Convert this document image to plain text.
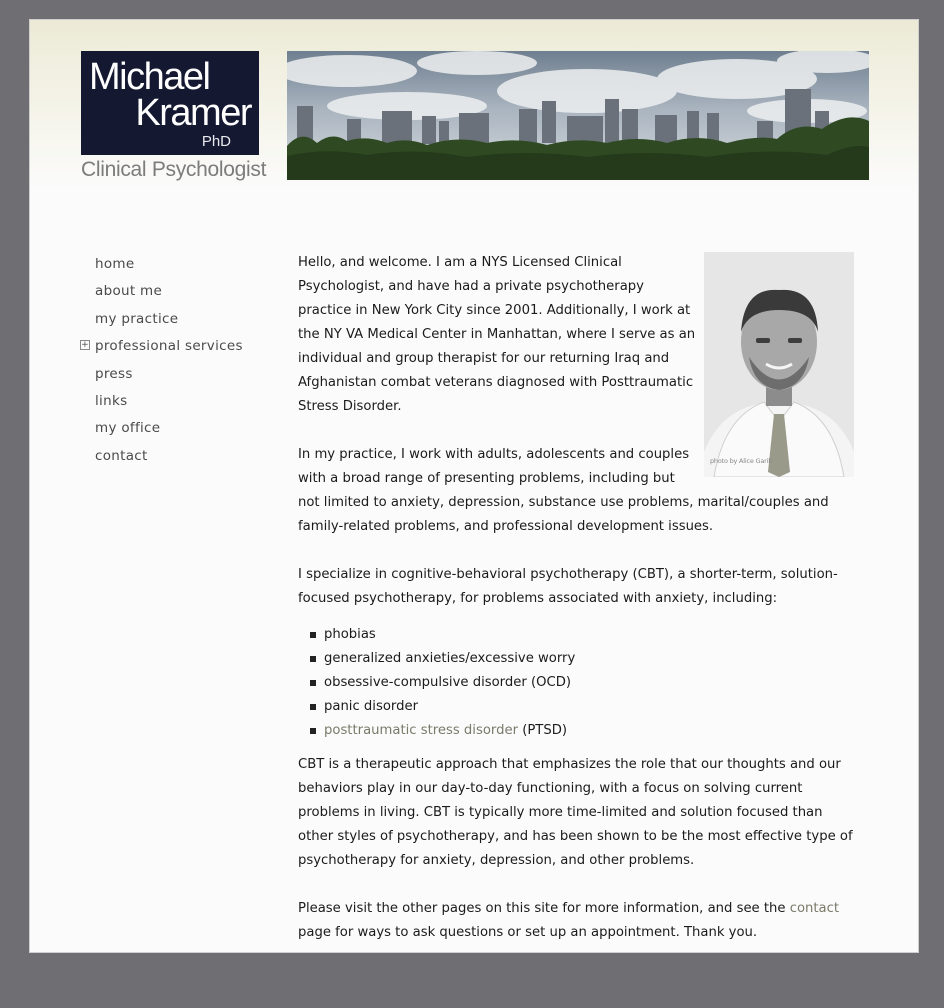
Michael
Kramer
PhD
Clinical Psychologist
home
about me
my practice
+ professional services
press
links
my office
contact	photo by Alice Garik

Hello, and welcome. I am a NYS Licensed Clinical Psychologist, and have had a private psychotherapy practice in New York City since 2001. Additionally, I work at the NY VA Medical Center in Manhattan, where I serve as an individual and group therapist for our returning Iraq and Afghanistan combat veterans diagnosed with Posttraumatic Stress Disorder.

In my practice, I work with adults, adolescents and couples with a broad range of presenting problems, including but not limited to anxiety, depression, substance use problems, marital/couples and family-related problems, and professional development issues.

I specialize in cognitive-behavioral psychotherapy (CBT), a shorter-term, solution-focused psychotherapy, for problems associated with anxiety, including:

phobias
generalized anxieties/excessive worry
obsessive-compulsive disorder (OCD)
panic disorder
posttraumatic stress disorder (PTSD)

CBT is a therapeutic approach that emphasizes the role that our thoughts and our behaviors play in our day-to-day functioning, with a focus on solving current problems in living. CBT is typically more time-limited and solution focused than other styles of psychotherapy, and has been shown to be the most effective type of psychotherapy for anxiety, depression, and other problems.

Please visit the other pages on this site for more information, and see the contact page for ways to ask questions or set up an appointment. Thank you.
